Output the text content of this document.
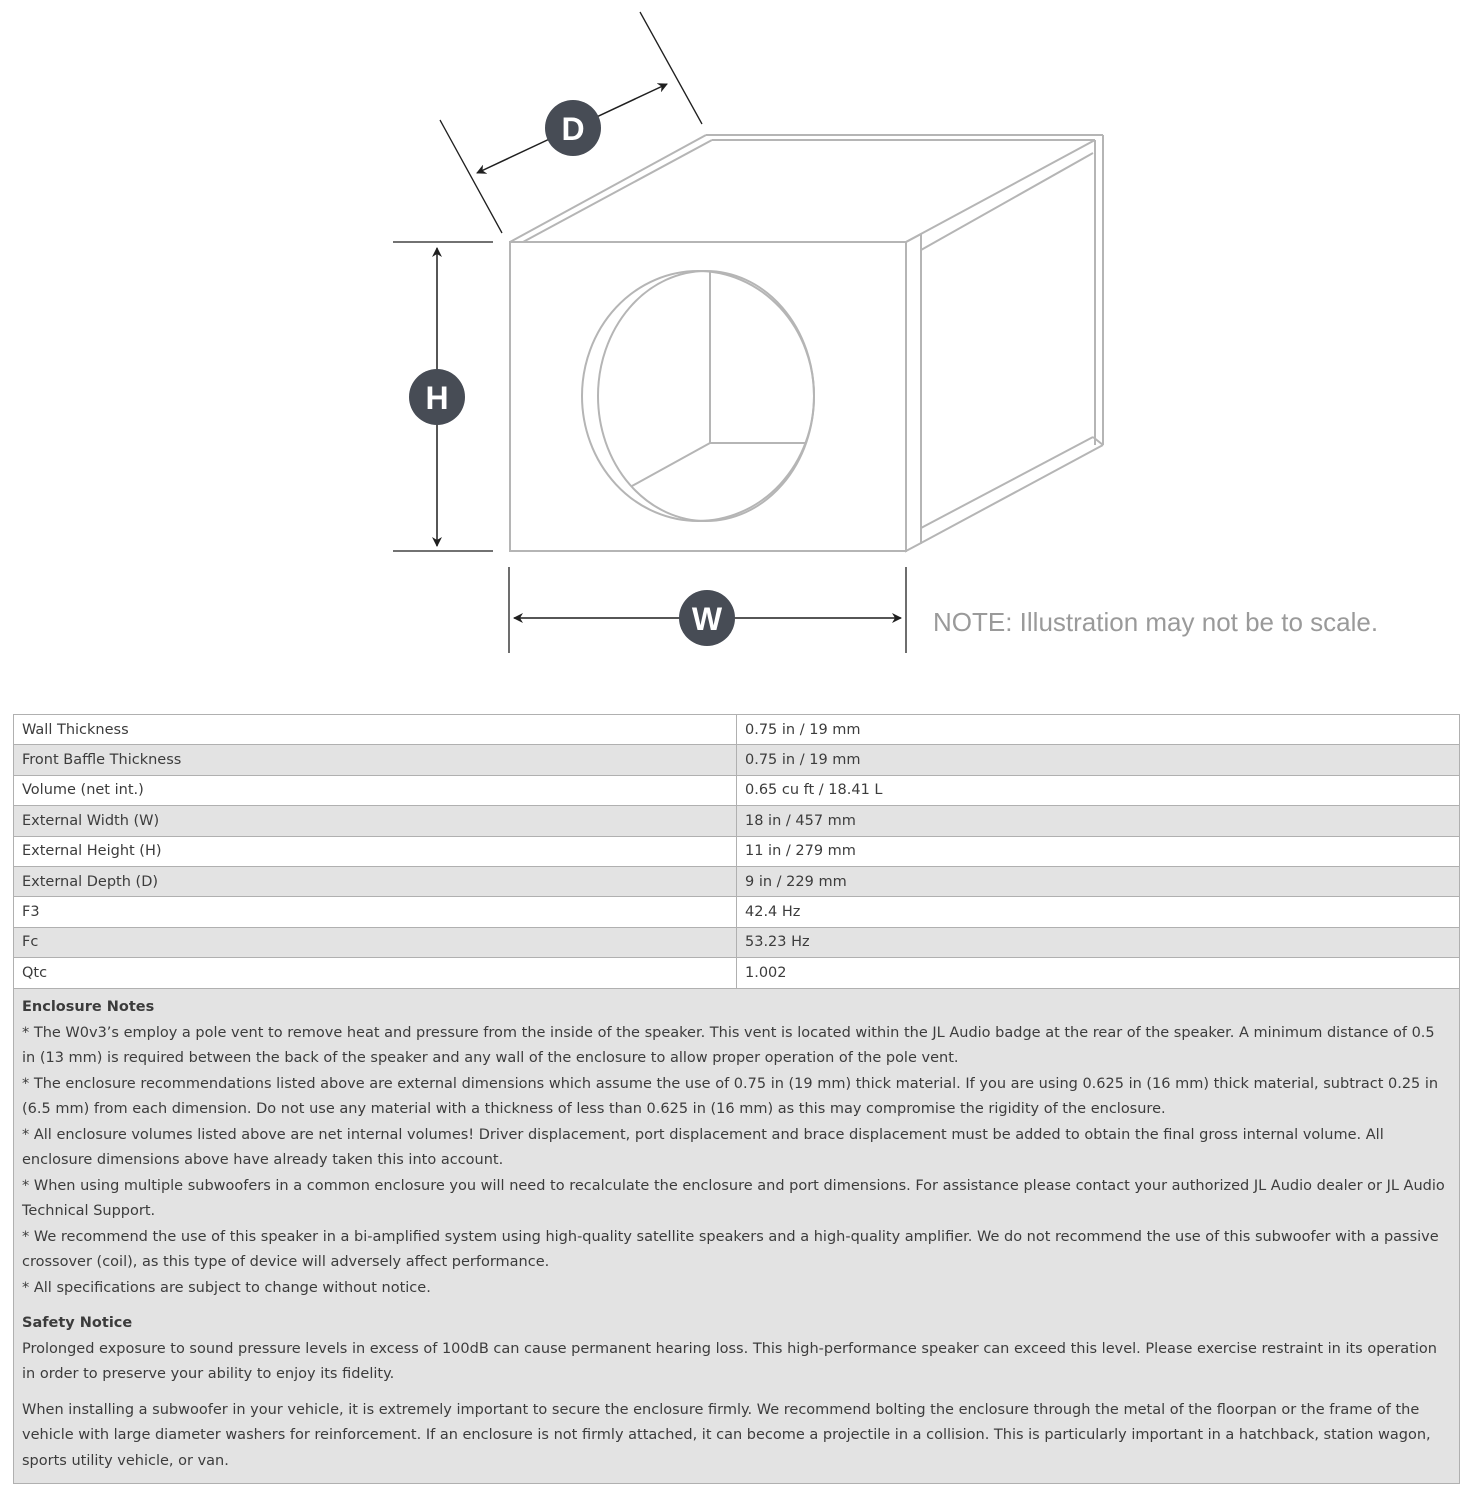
D
H
W	NOTE: Illustration may not be to scale.
Wall Thickness	0.75 in / 19 mm
Front Baffle Thickness	0.75 in / 19 mm
Volume (net int.)	0.65 cu ft / 18.41 L
External Width (W)	18 in / 457 mm
External Height (H)	11 in / 279 mm
External Depth (D)	9 in / 229 mm
F3	42.4 Hz
Fc	53.23 Hz
Qtc	1.002
Enclosure Notes

* The W0v3’s employ a pole vent to remove heat and pressure from the inside of the speaker. This vent is located within the JL Audio badge at the rear of the speaker. A minimum distance of 0.5 in (13 mm) is required between the back of the speaker and any wall of the enclosure to allow proper operation of the pole vent.

* The enclosure recommendations listed above are external dimensions which assume the use of 0.75 in (19 mm) thick material. If you are using 0.625 in (16 mm) thick material, subtract 0.25 in (6.5 mm) from each dimension. Do not use any material with a thickness of less than 0.625 in (16 mm) as this may compromise the rigidity of the enclosure.

* All enclosure volumes listed above are net internal volumes! Driver displacement, port displacement and brace displacement must be added to obtain the final gross internal volume. All enclosure dimensions above have already taken this into account.

* When using multiple subwoofers in a common enclosure you will need to recalculate the enclosure and port dimensions. For assistance please contact your authorized JL Audio dealer or JL Audio Technical Support.

* We recommend the use of this speaker in a bi-amplified system using high-quality satellite speakers and a high-quality amplifier. We do not recommend the use of this subwoofer with a passive crossover (coil), as this type of device will adversely affect performance.

* All specifications are subject to change without notice.

Safety Notice

Prolonged exposure to sound pressure levels in excess of 100dB can cause permanent hearing loss. This high-performance speaker can exceed this level. Please exercise restraint in its operation in order to preserve your ability to enjoy its fidelity.

When installing a subwoofer in your vehicle, it is extremely important to secure the enclosure firmly. We recommend bolting the enclosure through the metal of the floorpan or the frame of the vehicle with large diameter washers for reinforcement. If an enclosure is not firmly attached, it can become a projectile in a collision. This is particularly important in a hatchback, station wagon, sports utility vehicle, or van.
